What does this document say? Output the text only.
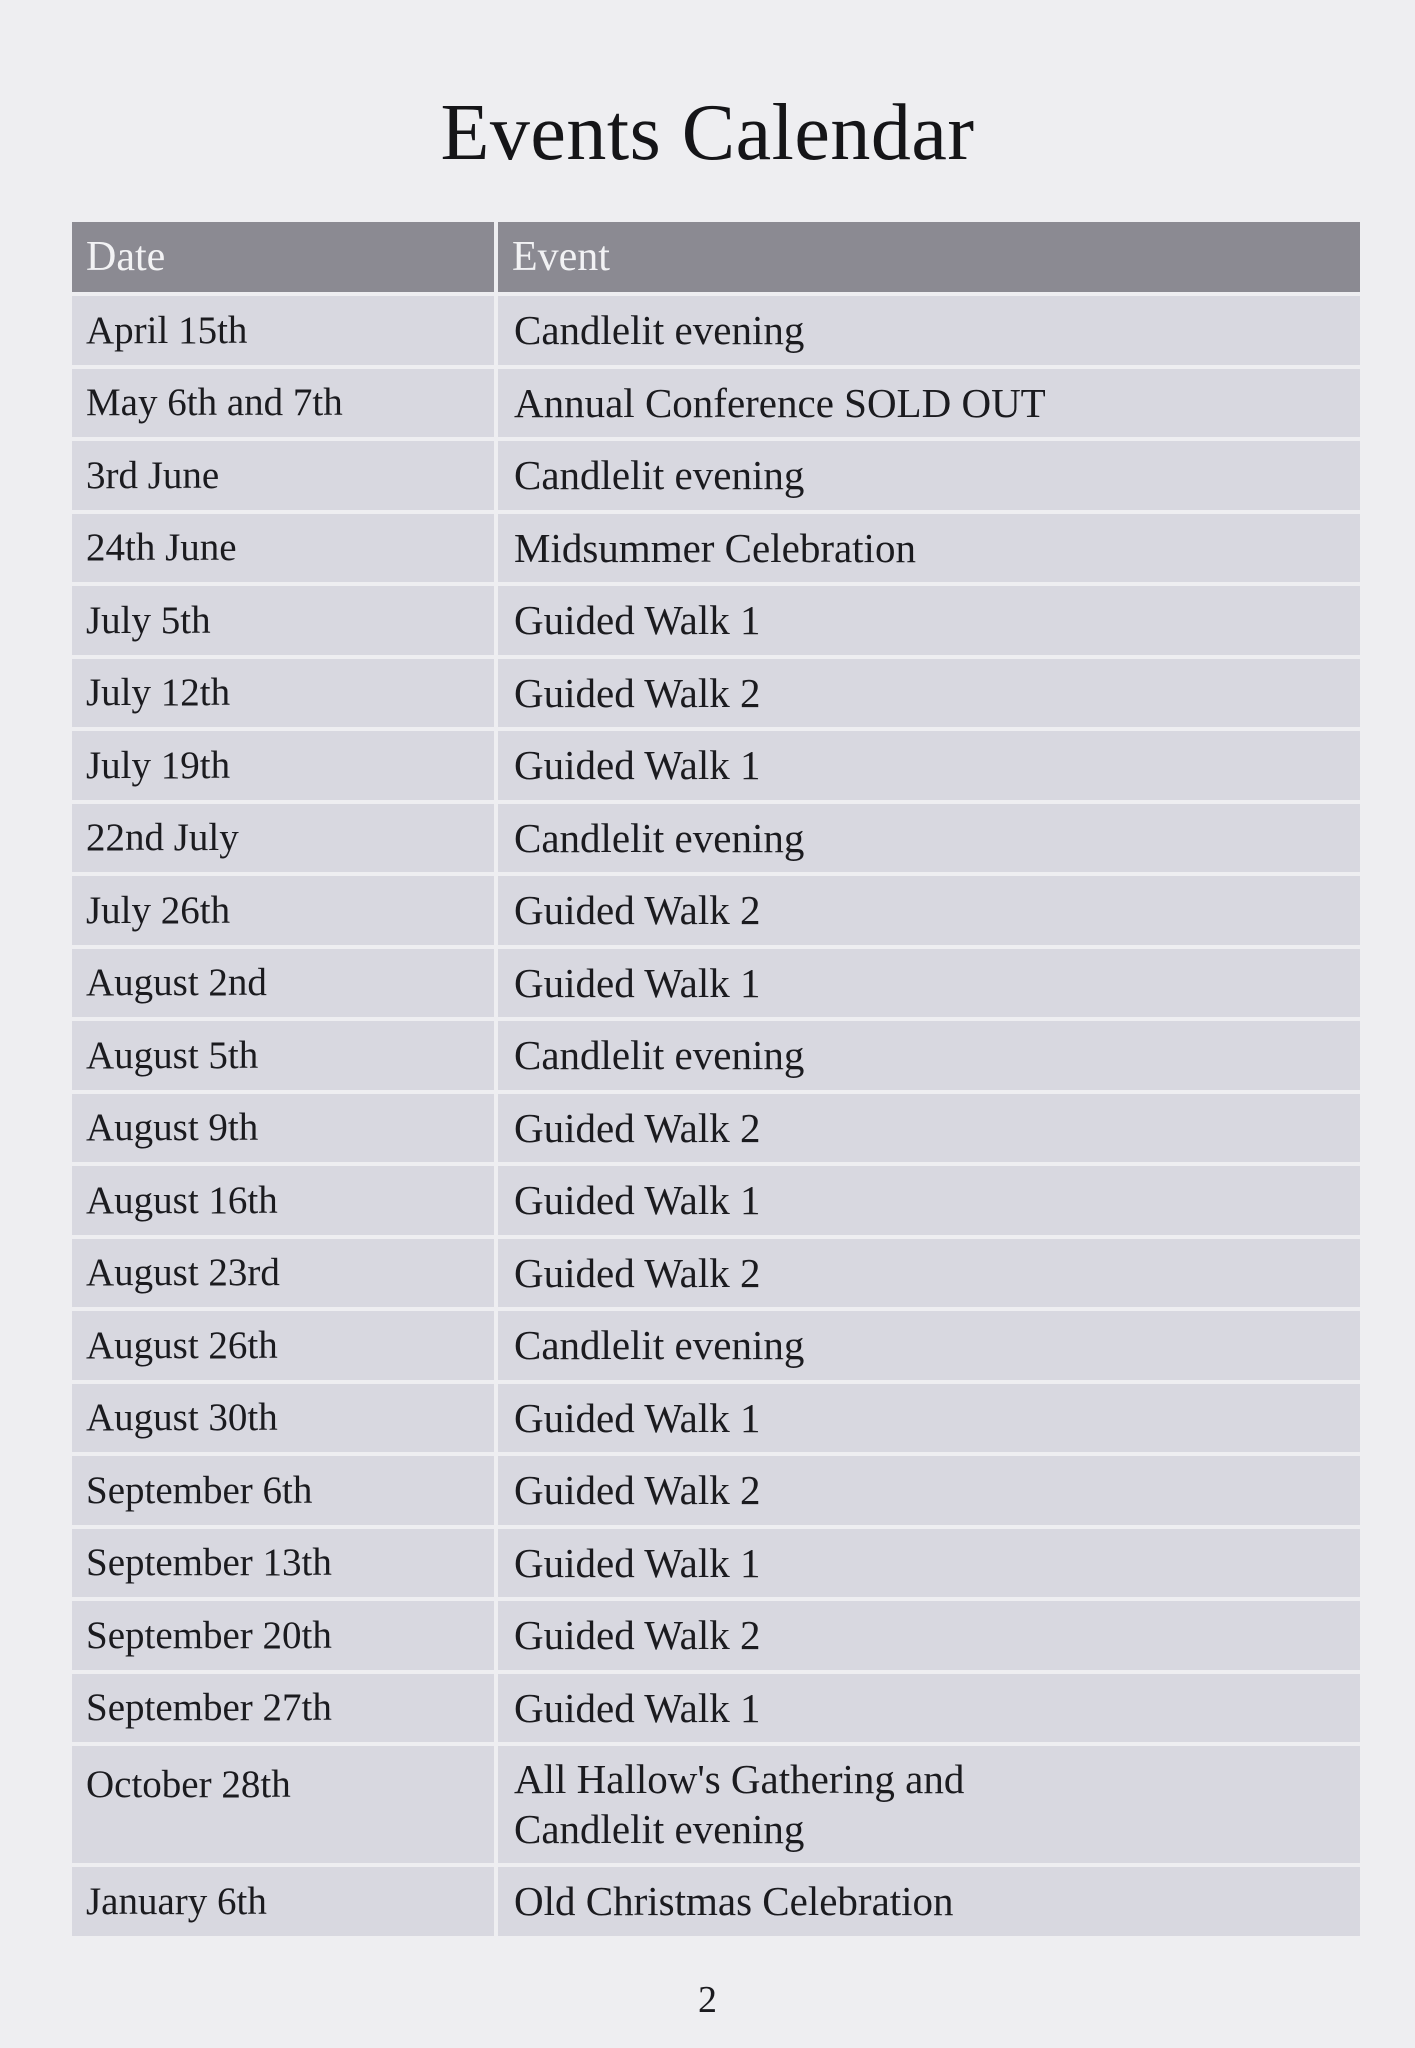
Events Calendar
Date	Event
April 15th	Candlelit evening
May 6th and 7th	Annual Conference SOLD OUT
3rd June	Candlelit evening
24th June	Midsummer Celebration
July 5th	Guided Walk 1
July 12th	Guided Walk 2
July 19th	Guided Walk 1
22nd July	Candlelit evening
July 26th	Guided Walk 2
August 2nd	Guided Walk 1
August 5th	Candlelit evening
August 9th	Guided Walk 2
August 16th	Guided Walk 1
August 23rd	Guided Walk 2
August 26th	Candlelit evening
August 30th	Guided Walk 1
September 6th	Guided Walk 2
September 13th	Guided Walk 1
September 20th	Guided Walk 2
September 27th	Guided Walk 1
October 28th	All Hallow's Gathering and
Candlelit evening
January 6th	Old Christmas Celebration
2
